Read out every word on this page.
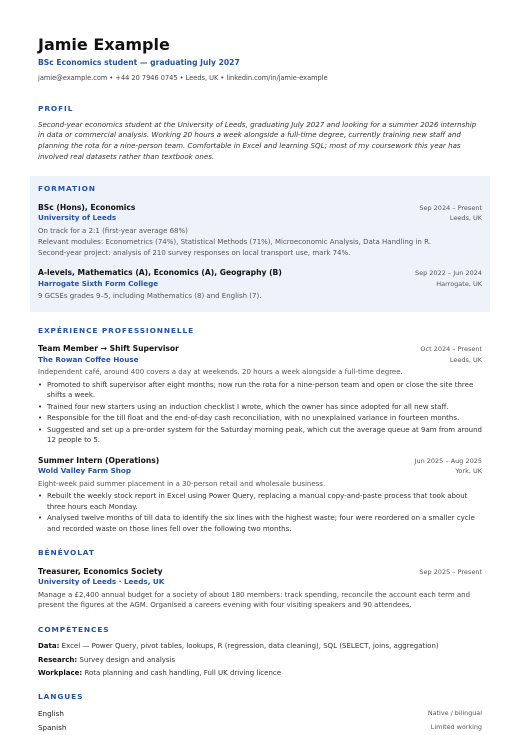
Jamie Example
BSc Economics student — graduating July 2027
jamie@example.com • +44 20 7946 0745 • Leeds, UK • linkedin.com/in/jamie-example
PROFIL
Second-year economics student at the University of Leeds, graduating July 2027 and looking for a summer 2026 internship in data or commercial analysis. Working 20 hours a week alongside a full-time degree, currently training new staff and planning the rota for a nine-person team. Comfortable in Excel and learning SQL; most of my coursework this year has involved real datasets rather than textbook ones.
FORMATION
BSc (Hons), Economics	Sep 2024 – Present
University of Leeds	Leeds, UK
On track for a 2:1 (first-year average 68%)
Relevant modules: Econometrics (74%), Statistical Methods (71%), Microeconomic Analysis, Data Handling in R.
Second-year project: analysis of 210 survey responses on local transport use, mark 74%.
A-levels, Mathematics (A), Economics (A), Geography (B)	Sep 2022 – Jun 2024
Harrogate Sixth Form College	Harrogate, UK
9 GCSEs grades 9–5, including Mathematics (8) and English (7).
EXPÉRIENCE PROFESSIONNELLE
Team Member → Shift Supervisor	Oct 2024 – Present
The Rowan Coffee House	Leeds, UK
Independent café, around 400 covers a day at weekends. 20 hours a week alongside a full-time degree.
• Promoted to shift supervisor after eight months; now run the rota for a nine-person team and open or close the site three shifts a week.
• Trained four new starters using an induction checklist I wrote, which the owner has since adopted for all new staff.
• Responsible for the till float and the end-of-day cash reconciliation, with no unexplained variance in fourteen months.
• Suggested and set up a pre-order system for the Saturday morning peak, which cut the average queue at 9am from around 12 people to 5.
Summer Intern (Operations)	Jun 2025 – Aug 2025
Wold Valley Farm Shop	York, UK
Eight-week paid summer placement in a 30-person retail and wholesale business.
• Rebuilt the weekly stock report in Excel using Power Query, replacing a manual copy-and-paste process that took about three hours each Monday.
• Analysed twelve months of till data to identify the six lines with the highest waste; four were reordered on a smaller cycle and recorded waste on those lines fell over the following two months.
BÉNÉVOLAT
Treasurer, Economics Society	Sep 2025 – Present
University of Leeds · Leeds, UK
Manage a £2,400 annual budget for a society of about 180 members: track spending, reconcile the account each term and present the figures at the AGM. Organised a careers evening with four visiting speakers and 90 attendees.
COMPÉTENCES
Data: Excel — Power Query, pivot tables, lookups, R (regression, data cleaning), SQL (SELECT, joins, aggregation)
Research: Survey design and analysis
Workplace: Rota planning and cash handling, Full UK driving licence
LANGUES
English	Native / bilingual
Spanish	Limited working
